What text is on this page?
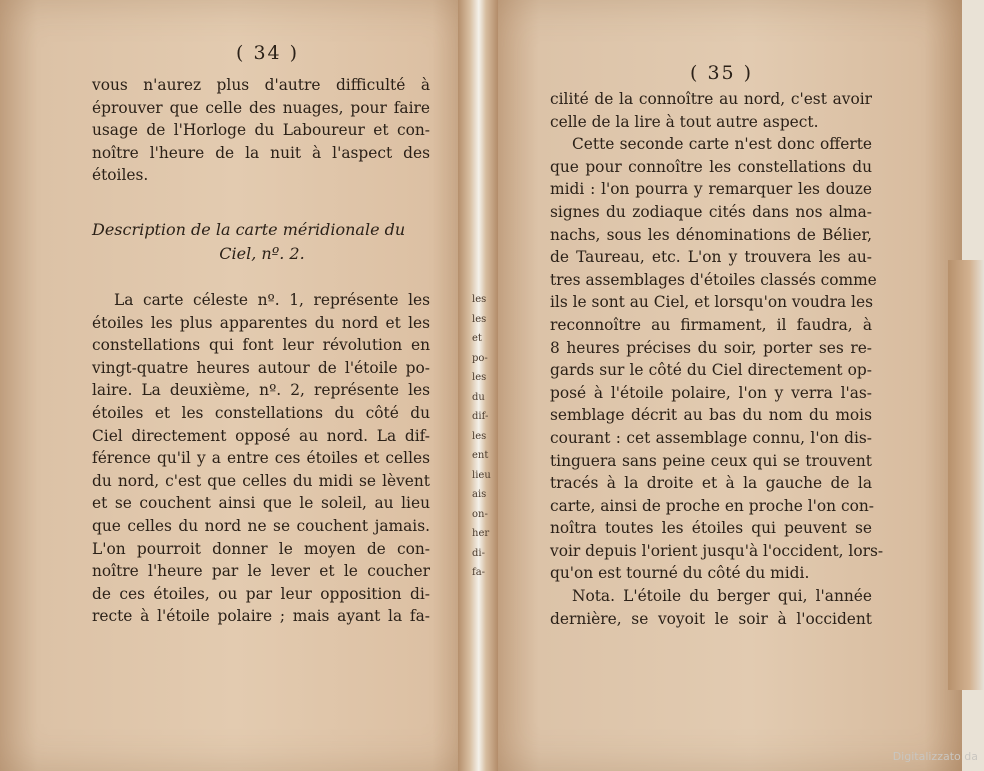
( 34 )
vous n'aurez plus d'autre difficulté à
éprouver que celle des nuages, pour faire
usage de l'Horloge du Laboureur et con-
noître l'heure de la nuit à l'aspect des
étoiles.
Description de la carte méridionale du
Ciel, nº. 2.
La carte céleste nº. 1, représente les
étoiles les plus apparentes du nord et les
constellations qui font leur révolution en
vingt-quatre heures autour de l'étoile po-
laire. La deuxième, nº. 2, représente les
étoiles et les constellations du côté du
Ciel directement opposé au nord. La dif-
férence qu'il y a entre ces étoiles et celles
du nord, c'est que celles du midi se lèvent
et se couchent ainsi que le soleil, au lieu
que celles du nord ne se couchent jamais.
L'on pourroit donner le moyen de con-
noître l'heure par le lever et le coucher
de ces étoiles, ou par leur opposition di-
recte à l'étoile polaire ; mais ayant la fa-
les
les
et
po-
les
du
dif-
les
ent
lieu
ais
on-
her
di-
fa-
( 35 )
cilité de la connoître au nord, c'est avoir
celle de la lire à tout autre aspect.
Cette seconde carte n'est donc offerte
que pour connoître les constellations du
midi : l'on pourra y remarquer les douze
signes du zodiaque cités dans nos alma-
nachs, sous les dénominations de Bélier,
de Taureau, etc. L'on y trouvera les au-
tres assemblages d'étoiles classés comme
ils le sont au Ciel, et lorsqu'on voudra les
reconnoître au firmament, il faudra, à
8 heures précises du soir, porter ses re-
gards sur le côté du Ciel directement op-
posé à l'étoile polaire, l'on y verra l'as-
semblage décrit au bas du nom du mois
courant : cet assemblage connu, l'on dis-
tinguera sans peine ceux qui se trouvent
tracés à la droite et à la gauche de la
carte, ainsi de proche en proche l'on con-
noîtra toutes les étoiles qui peuvent se
voir depuis l'orient jusqu'à l'occident, lors-
qu'on est tourné du côté du midi.
Nota. L'étoile du berger qui, l'année
dernière, se voyoit le soir à l'occident
Digitalizzato da
